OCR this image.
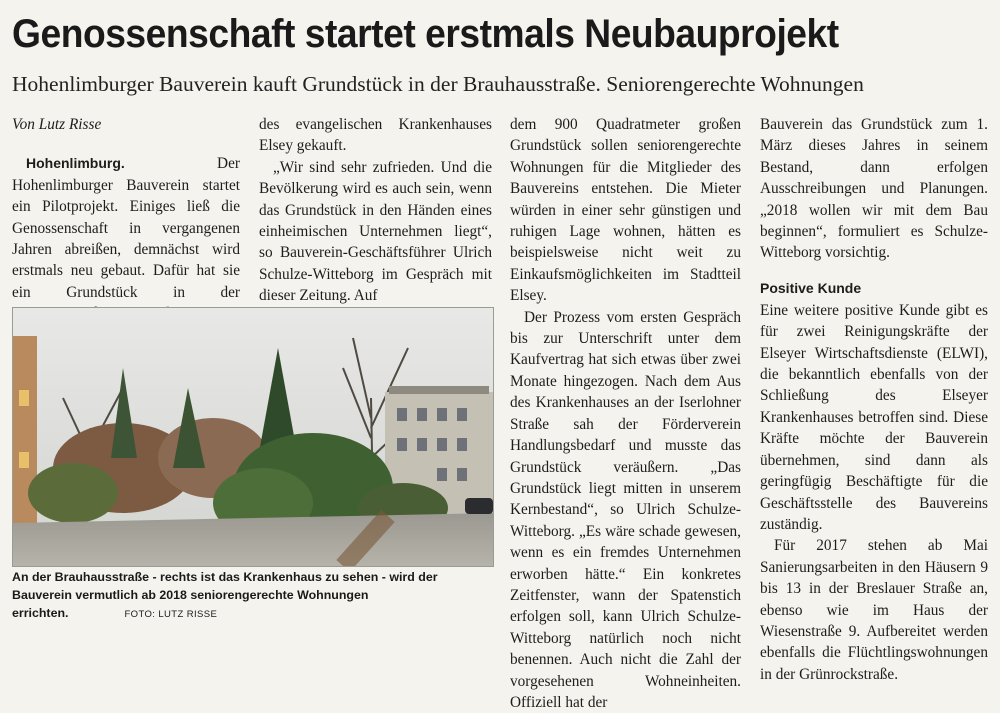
Genossenschaft startet erstmals Neubauprojekt
Hohenlimburger Bauverein kauft Grundstück in der Brauhausstraße. Seniorengerechte Wohnungen

Von Lutz Risse

Hohenlimburg.	Der Hohenlimburger Bauverein startet ein Pilotprojekt. Einiges ließ die Genossenschaft in vergangenen Jahren abreißen, demnächst wird erstmals neu gebaut. Dafür hat sie ein Grundstück in der

des evangelischen Krankenhauses Elsey gekauft.

„Wir sind sehr zufrieden. Und die Bevölkerung wird es auch sein, wenn das Grundstück in den Händen eines einheimischen Unternehmen liegt“, so Bauverein-Geschäftsführer Ulrich Schulze-Witteborg im Gespräch mit dieser Zeitung. Auf

dem 900 Quadratmeter großen Grundstück sollen seniorengerechte Wohnungen für die Mitglieder des Bauvereins entstehen. Die Mieter würden in einer sehr günstigen und ruhigen Lage wohnen, hätten es beispielsweise nicht weit zu Einkaufsmöglichkeiten im Stadtteil Elsey.

Der Prozess vom ersten Gespräch bis zur Unterschrift unter dem Kaufvertrag hat sich etwas über zwei Monate hingezogen. Nach dem Aus des Krankenhauses an der Iserlohner Straße sah der Förderverein Handlungsbedarf und musste das Grundstück veräußern. „Das Grundstück liegt mitten in unserem Kernbestand“, so Ulrich Schulze-Witteborg. „Es wäre schade gewesen, wenn es ein fremdes Unternehmen erworben hätte.“ Ein konkretes Zeitfenster, wann der Spatenstich erfolgen soll, kann Ulrich Schulze-Witteborg natürlich noch nicht benennen. Auch nicht die Zahl der vorgesehenen Wohneinheiten. Offiziell hat der

Bauverein das Grundstück zum 1. März dieses Jahres in seinem Bestand, dann erfolgen Ausschreibungen und Planungen. „2018 wollen wir mit dem Bau beginnen“, formuliert es Schulze-Witteborg vorsichtig.

Positive Kunde

Eine weitere positive Kunde gibt es für zwei Reinigungskräfte der Elseyer Wirtschaftsdienste (ELWI), die bekanntlich ebenfalls von der Schließung des Elseyer Krankenhauses betroffen sind. Diese Kräfte möchte der Bauverein übernehmen, sind dann als geringfügig Beschäftigte für die Geschäftsstelle des Bauvereins zuständig.

Für 2017 stehen ab Mai Sanierungsarbeiten in den Häusern 9 bis 13 in der Breslauer Straße an, ebenso wie im Haus der Wiesenstraße 9. Aufbereitet werden ebenfalls die Flüchtlingswohnungen in der Grünrockstraße.

An der Brauhausstraße - rechts ist das Krankenhaus zu sehen - wird der Bauverein vermutlich ab 2018 seniorengerechte Wohnungen errichten.	FOTO: LUTZ RISSE
